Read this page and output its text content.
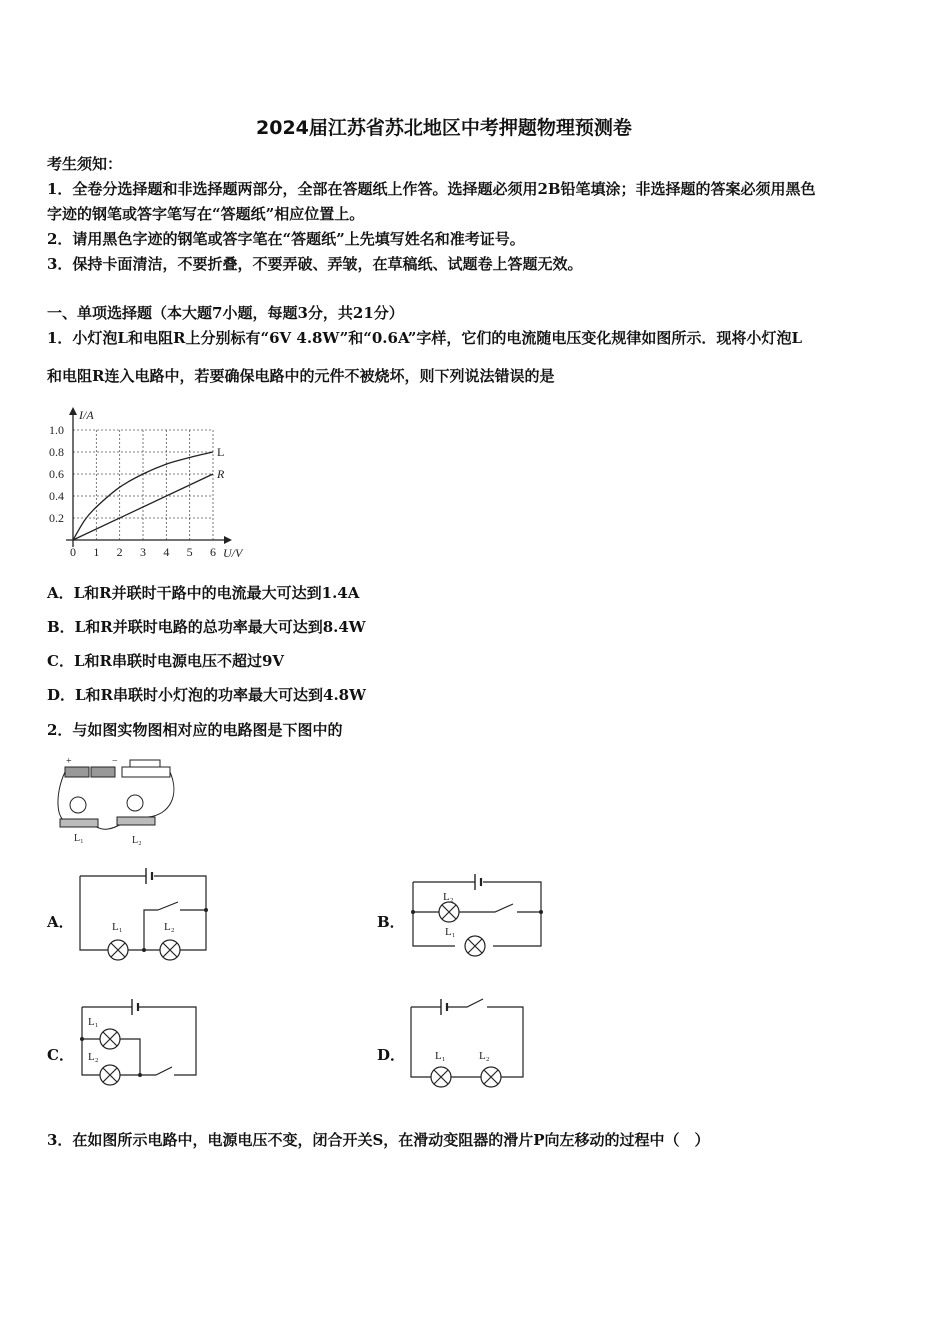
2024届江苏省苏北地区中考押题物理预测卷
考生须知：
1．全卷分选择题和非选择题两部分，全部在答题纸上作答。选择题必须用2B铅笔填涂；非选择题的答案必须用黑色
字迹的钢笔或答字笔写在“答题纸”相应位置上。
2．请用黑色字迹的钢笔或答字笔在“答题纸”上先填写姓名和准考证号。
3．保持卡面清洁，不要折叠，不要弄破、弄皱，在草稿纸、试题卷上答题无效。
一、单项选择题（本大题7小题，每题3分，共21分）
1．小灯泡L和电阻R上分别标有“6V 4.8W”和“0.6A”字样，它们的电流随电压变化规律如图所示．现将小灯泡L
和电阻R连入电路中，若要确保电路中的元件不被烧坏，则下列说法错误的是
0 1 2 3 4 5 6
0.2
0.4
0.6
0.8
1.0
U/V
I/A
L
R
A．L和R并联时干路中的电流最大可达到1.4A
B．L和R并联时电路的总功率最大可达到8.4W
C．L和R串联时电源电压不超过9V
D．L和R串联时小灯泡的功率最大可达到4.8W
2．与如图实物图相对应的电路图是下图中的
+	−
L₁	L₂
A．	L₁	L₂	B．
L₂
L₁
C．
L₁
L₂	D．	L₁	L₂
3．在如图所示电路中，电源电压不变，闭合开关S，在滑动变阻器的滑片P向左移动的过程中（　）
